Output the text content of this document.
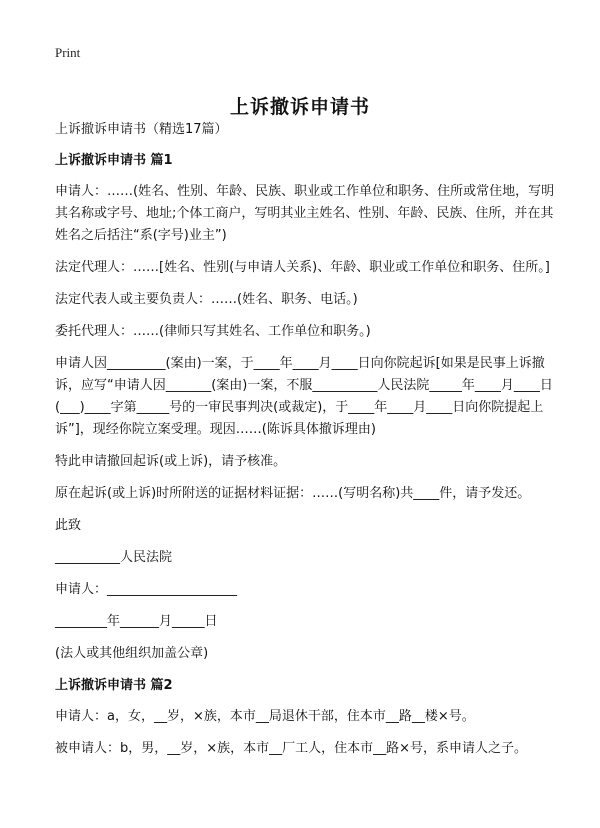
Print
上诉撤诉申请书

上诉撤诉申请书（精选17篇）

上诉撤诉申请书 篇1

申请人：……(姓名、性别、年龄、民族、职业或工作单位和职务、住所或常住地，写明其名称或字号、地址;个体工商户，写明其业主姓名、性别、年龄、民族、住所，并在其姓名之后括注“系(字号)业主”)

法定代理人：……[姓名、性别(与申请人关系)、年龄、职业或工作单位和职务、住所。]

法定代表人或主要负责人：……(姓名、职务、电话。)

委托代理人：……(律师只写其姓名、工作单位和职务。)

申请人因_________(案由)一案，于____年____月____日向你院起诉[如果是民事上诉撤诉，应写“申请人因_______(案由)一案，不服__________人民法院_____年____月____日(___)____字第_____号的一审民事判决(或裁定)，于____年____月____日向你院提起上诉”]，现经你院立案受理。现因……(陈诉具体撤诉理由)

特此申请撤回起诉(或上诉)，请予核准。

原在起诉(或上诉)时所附送的证据材料证据：……(写明名称)共____件，请予发还。

此致

__________人民法院

申请人：____________________

________年______月_____日

(法人或其他组织加盖公章)

上诉撤诉申请书 篇2

申请人：a，女，__岁，×族，本市__局退休干部，住本市__路__楼×号。

被申请人：b，男，__岁，×族，本市__厂工人，住本市__路×号，系申请人之子。
